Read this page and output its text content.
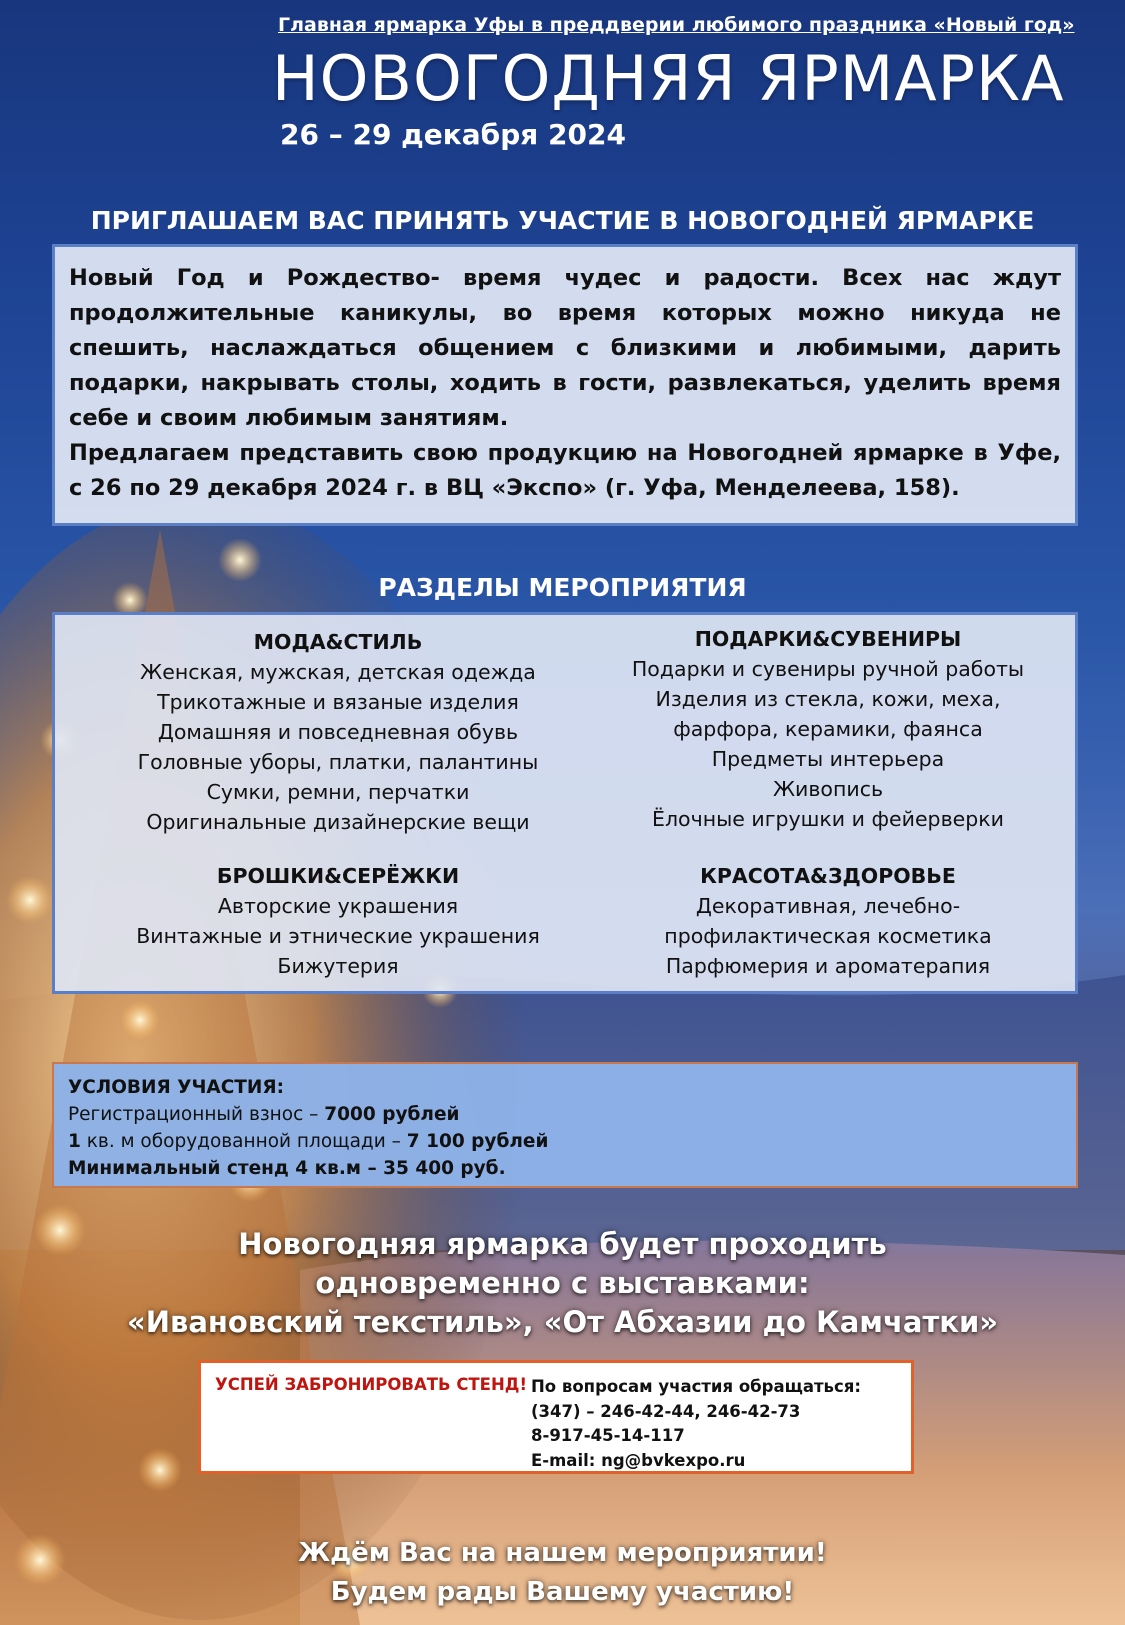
Главная ярмарка Уфы в преддверии любимого праздника «Новый год»
НОВОГОДНЯЯ ЯРМАРКА
26 – 29 декабря 2024
ПРИГЛАШАЕМ ВАС ПРИНЯТЬ УЧАСТИЕ В НОВОГОДНЕЙ ЯРМАРКЕ

Новый Год и Рождество- время чудес и радости. Всех нас ждут продолжительные каникулы, во время которых можно никуда не спешить, наслаждаться общением с близкими и любимыми, дарить подарки, накрывать столы, ходить в гости, развлекаться, уделить время себе и своим любимым занятиям.

Предлагаем представить свою продукцию на Новогодней ярмарке в Уфе, с 26 по 29 декабря 2024 г. в ВЦ «Экспо» (г. Уфа, Менделеева, 158).

РАЗДЕЛЫ МЕРОПРИЯТИЯ
МОДА&СТИЛЬ
Женская, мужская, детская одежда
Трикотажные и вязаные изделия
Домашняя и повседневная обувь
Головные уборы, платки, палантины
Сумки, ремни, перчатки
Оригинальные дизайнерские вещи
ПОДАРКИ&СУВЕНИРЫ
Подарки и сувениры ручной работы
Изделия из стекла, кожи, меха,
фарфора, керамики, фаянса
Предметы интерьера
Живопись
Ёлочные игрушки и фейерверки
БРОШКИ&СЕРЁЖКИ
Авторские украшения
Винтажные и этнические украшения
Бижутерия
КРАСОТА&ЗДОРОВЬЕ
Декоративная, лечебно-
профилактическая косметика
Парфюмерия и ароматерапия
УСЛОВИЯ УЧАСТИЯ:
Регистрационный взнос – 7000 рублей
1 кв. м оборудованной площади – 7 100 рублей
Минимальный стенд 4 кв.м – 35 400 руб.
Новогодняя ярмарка будет проходить
одновременно с выставками:
«Ивановский текстиль», «От Абхазии до Камчатки»
УСПЕЙ ЗАБРОНИРОВАТЬ СТЕНД! По вопросам участия обращаться:
(347) – 246-42-44, 246-42-73
8-917-45-14-117
E-mail: ng@bvkexpo.ru
Ждём Вас на нашем мероприятии!
Будем рады Вашему участию!
